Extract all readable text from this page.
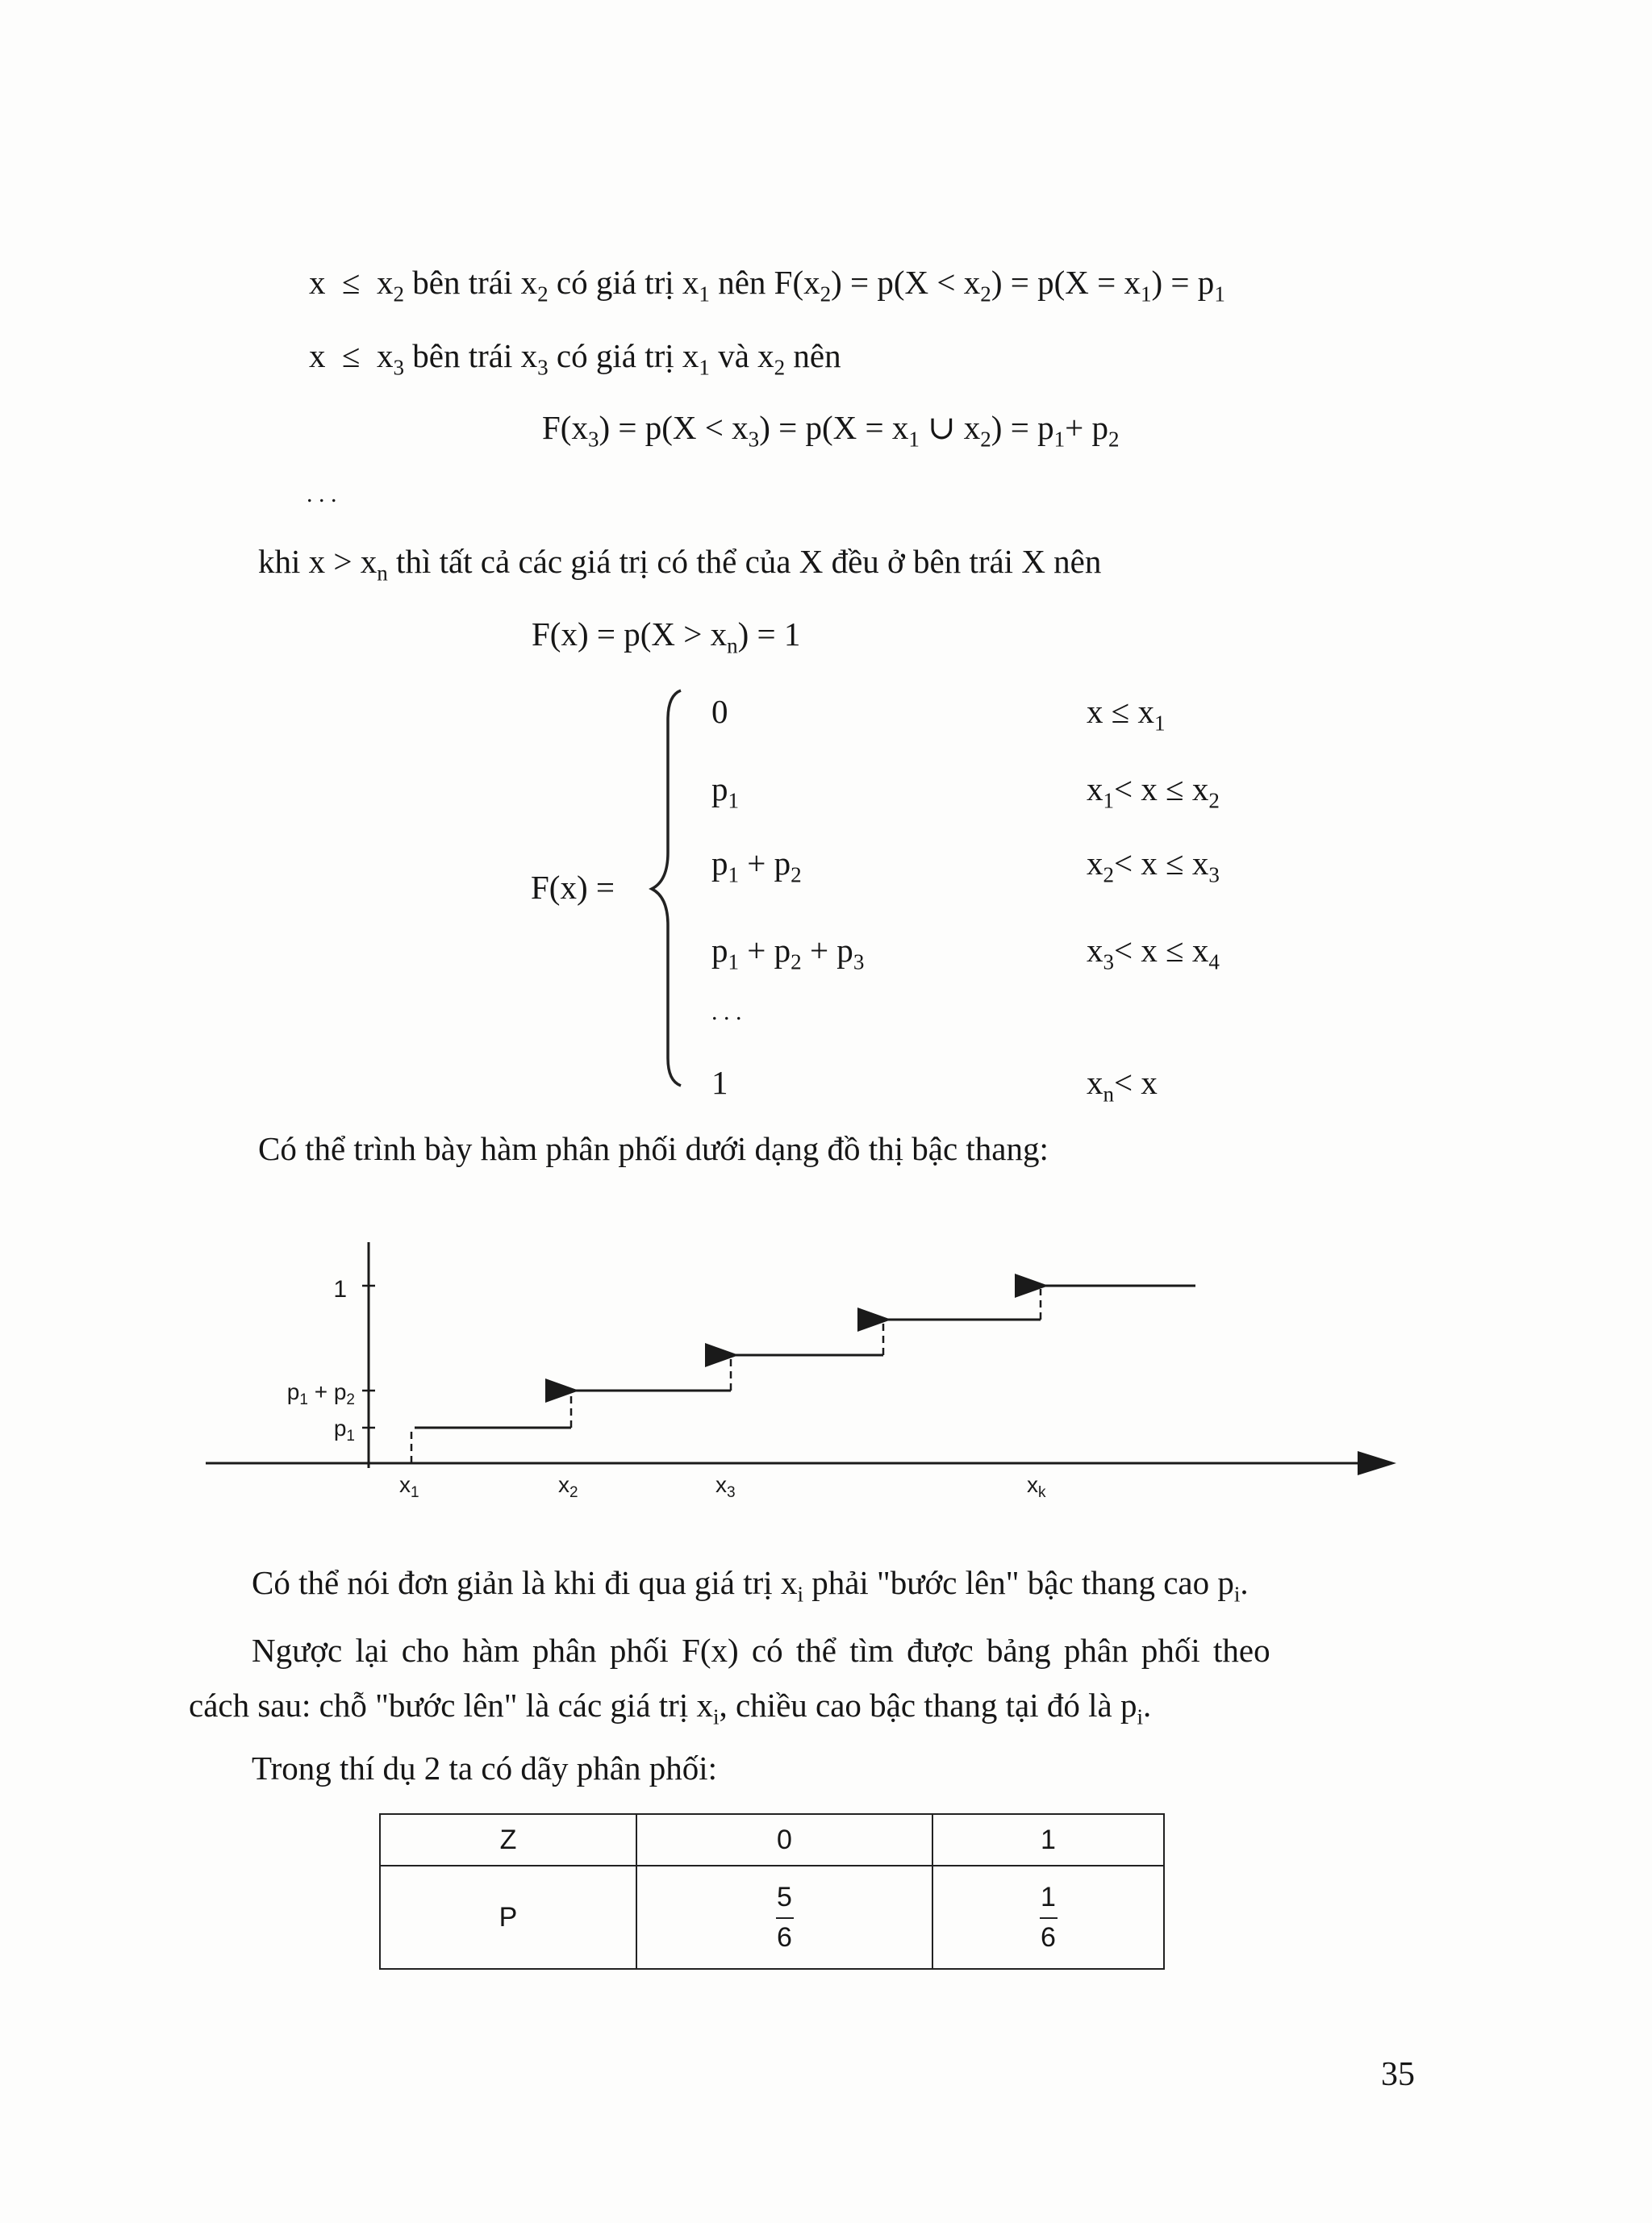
$x \le x_2$ bên trái $x_2$ có giá trị $x_1$ nên $F(x_2) = p(X < x_2) = p(X = x_1) = p_1$
$x \le x_3$ bên trái $x_3$ có giá trị $x_1$ và $x_2$ nên
$F(x_3) = p(X < x_3) = p(X = x_1$ ∪ $x_2) = p_1+ p_2$
. . .
khi $x > x_n$ thì tất cả các giá trị có thể của X đều ở bên trái X nên
$F(x) = p(X > x_n) = 1$
F(x) =
0	$x \le x_1$
$p_1$	$x_1< x \le x_2$
$p_1 + p_2$	$x_2< x \le x_3$
$p_1 + p_2 + p_3$	$x_3< x \le x_4$
. . .
1	$x_n< x$
Có thể trình bày hàm phân phối dưới dạng đồ thị bậc thang:
1
$p_1 + p_2$
$p_1$
$x_1$	$x_2$	$x_3$	$x_k$
Có thể nói đơn giản là khi đi qua giá trị $x_i$ phải "bước lên" bậc thang cao $p_i$.
Ngược lại cho hàm phân phối F(x) có thể tìm được bảng phân phối theo
cách sau: chỗ "bước lên" là các giá trị $x_i$, chiều cao bậc thang tại đó là $p_i$.
Trong thí dụ 2 ta có dãy phân phối:
Z	0	1
P	$\frac{5}{6}$	$\frac{1}{6}$
35
